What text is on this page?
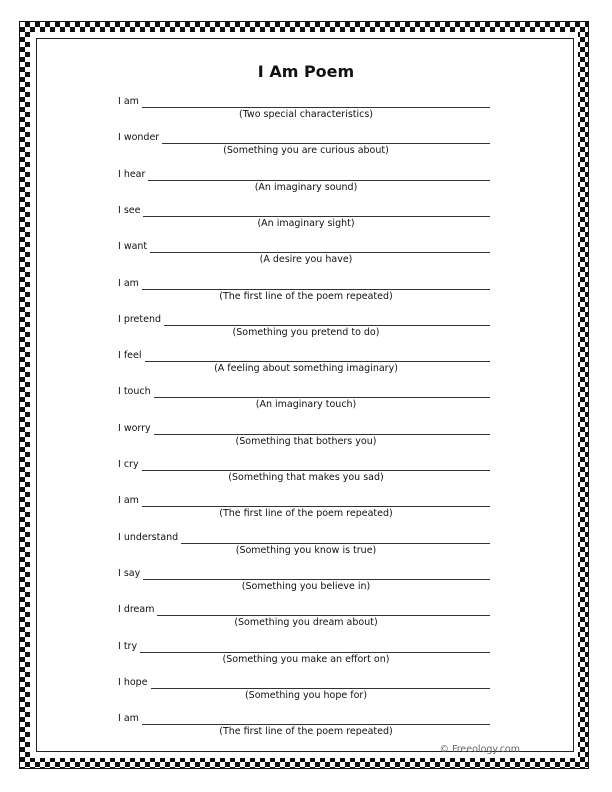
I Am Poem
I am
(Two special characteristics)
I wonder
(Something you are curious about)
I hear
(An imaginary sound)
I see
(An imaginary sight)
I want
(A desire you have)
I am
(The first line of the poem repeated)
I pretend
(Something you pretend to do)
I feel
(A feeling about something imaginary)
I touch
(An imaginary touch)
I worry
(Something that bothers you)
I cry
(Something that makes you sad)
I am
(The first line of the poem repeated)
I understand
(Something you know is true)
I say
(Something you believe in)
I dream
(Something you dream about)
I try
(Something you make an effort on)
I hope
(Something you hope for)
I am
(The first line of the poem repeated)
© Freeology.com
